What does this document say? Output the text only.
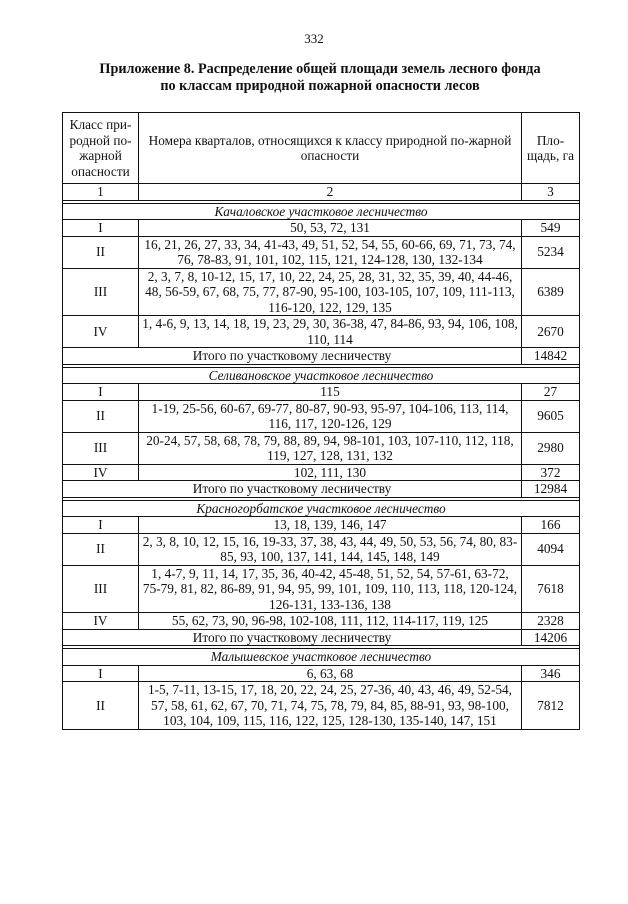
332
Приложение 8. Распределение общей площади земель лесного фонда
по классам природной пожарной опасности лесов
Класс при-родной по-жарной опасности	Номера кварталов, относящихся к классу природной по-жарной опасности	Пло-щадь, га
1	2	3

Качаловское участковое лесничество		
I	50, 53, 72, 131	549
II	16, 21, 26, 27, 33, 34, 41-43, 49, 51, 52, 54, 55, 60-66, 69, 71, 73, 74, 76, 78-83, 91, 101, 102, 115, 121, 124-128, 130, 132-134	5234
III	2, 3, 7, 8, 10-12, 15, 17, 10, 22, 24, 25, 28, 31, 32, 35, 39, 40, 44-46, 48, 56-59, 67, 68, 75, 77, 87-90, 95-100, 103-105, 107, 109, 111-113, 116-120, 122, 129, 135	6389
IV	1, 4-6, 9, 13, 14, 18, 19, 23, 29, 30, 36-38, 47, 84-86, 93, 94, 106, 108, 110, 114	2670
Итого по участковому лесничеству		14842

Селивановское участковое лесничество		
I	115	27
II	1-19, 25-56, 60-67, 69-77, 80-87, 90-93, 95-97, 104-106, 113, 114, 116, 117, 120-126, 129	9605
III	20-24, 57, 58, 68, 78, 79, 88, 89, 94, 98-101, 103, 107-110, 112, 118, 119, 127, 128, 131, 132	2980
IV	102, 111, 130	372
Итого по участковому лесничеству		12984

Красногорбатское участковое лесничество		
I	13, 18, 139, 146, 147	166
II	2, 3, 8, 10, 12, 15, 16, 19-33, 37, 38, 43, 44, 49, 50, 53, 56, 74, 80, 83-85, 93, 100, 137, 141, 144, 145, 148, 149	4094
III	1, 4-7, 9, 11, 14, 17, 35, 36, 40-42, 45-48, 51, 52, 54, 57-61, 63-72, 75-79, 81, 82, 86-89, 91, 94, 95, 99, 101, 109, 110, 113, 118, 120-124, 126-131, 133-136, 138	7618
IV	55, 62, 73, 90, 96-98, 102-108, 111, 112, 114-117, 119, 125	2328
Итого по участковому лесничеству		14206

Малышевское участковое лесничество		
I	6, 63, 68	346
II	1-5, 7-11, 13-15, 17, 18, 20, 22, 24, 25, 27-36, 40, 43, 46, 49, 52-54, 57, 58, 61, 62, 67, 70, 71, 74, 75, 78, 79, 84, 85, 88-91, 93, 98-100, 103, 104, 109, 115, 116, 122, 125, 128-130, 135-140, 147, 151	7812
